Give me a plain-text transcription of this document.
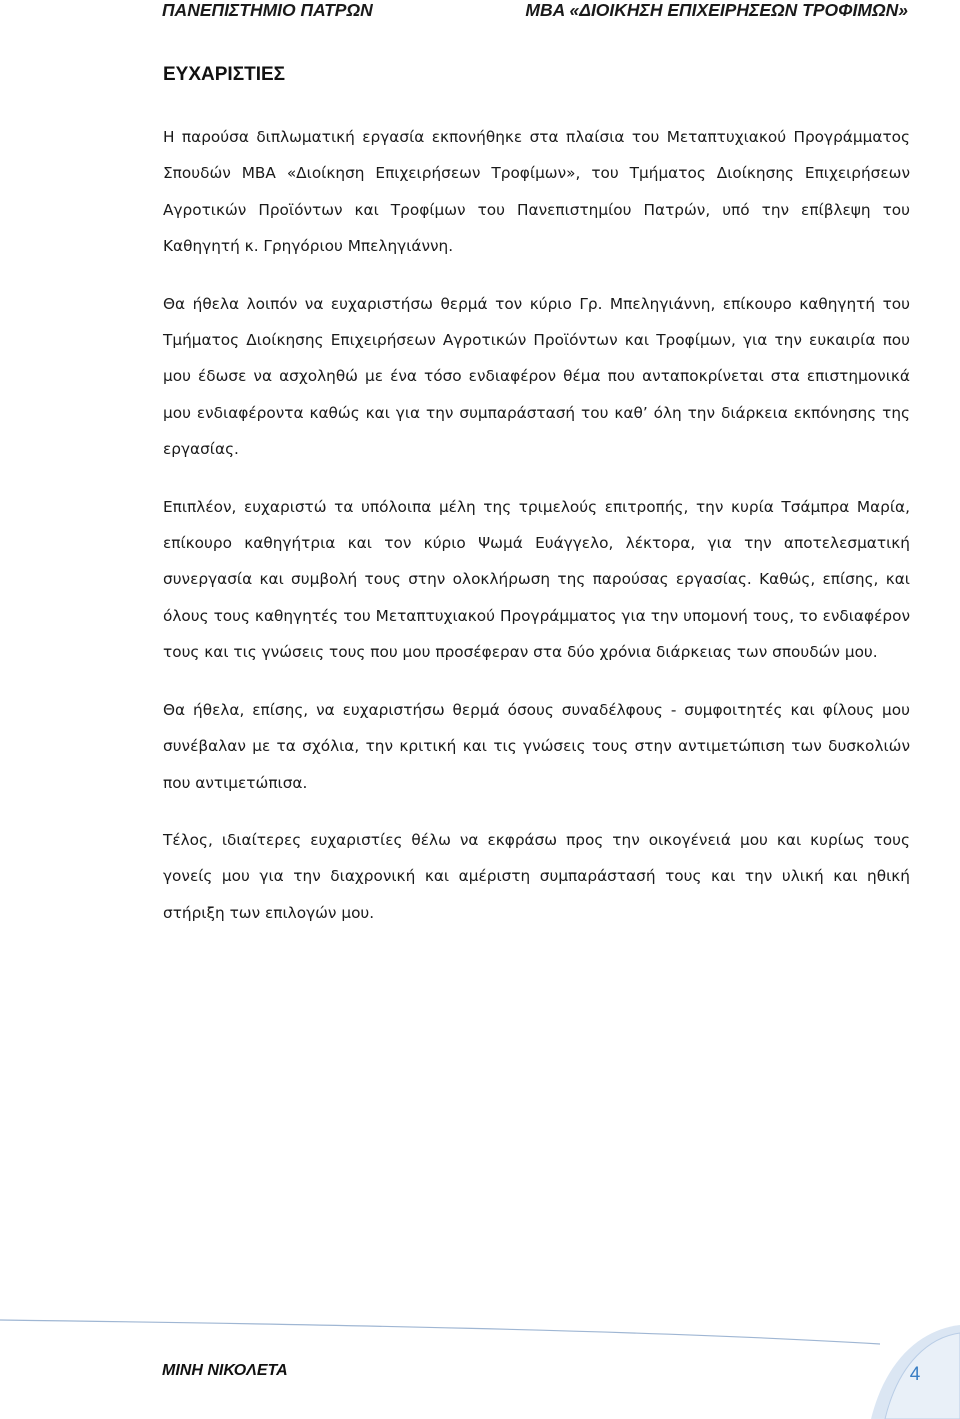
ΠΑΝΕΠΙΣΤΗΜΙΟ ΠΑΤΡΩΝ	MBA «ΔΙΟΙΚΗΣΗ ΕΠΙΧΕΙΡΗΣΕΩΝ ΤΡΟΦΙΜΩΝ»
ΕΥΧΑΡΙΣΤΙΕΣ

Η παρούσα διπλωματική εργασία εκπονήθηκε στα πλαίσια του Μεταπτυχιακού Προγράμματος Σπουδών ΜΒΑ «Διοίκηση Επιχειρήσεων Τροφίμων», του Τμήματος Διοίκησης Επιχειρήσεων Αγροτικών Προϊόντων και Τροφίμων του Πανεπιστημίου Πατρών, υπό την επίβλεψη του Καθηγητή κ. Γρηγόριου Μπεληγιάννη.

Θα ήθελα λοιπόν να ευχαριστήσω θερμά τον κύριο Γρ. Μπεληγιάννη, επίκουρο καθηγητή του Τμήματος Διοίκησης Επιχειρήσεων Αγροτικών Προϊόντων και Τροφίμων, για την ευκαιρία που μου έδωσε να ασχοληθώ με ένα τόσο ενδιαφέρον θέμα που ανταποκρίνεται στα επιστημονικά μου ενδιαφέροντα καθώς και για την συμπαράστασή του καθ’ όλη την διάρκεια εκπόνησης της εργασίας.

Επιπλέον, ευχαριστώ τα υπόλοιπα μέλη της τριμελούς επιτροπής, την κυρία Τσάμπρα Μαρία, επίκουρο καθηγήτρια και τον κύριο Ψωμά Ευάγγελο, λέκτορα, για την αποτελεσματική συνεργασία και συμβολή τους στην ολοκλήρωση της παρούσας εργασίας. Καθώς, επίσης, και όλους τους καθηγητές του Μεταπτυχιακού Προγράμματος για την υπομονή τους, το ενδιαφέρον τους και τις γνώσεις τους που μου προσέφεραν στα δύο χρόνια διάρκειας των σπουδών μου.

Θα ήθελα, επίσης, να ευχαριστήσω θερμά όσους συναδέλφους - συμφοιτητές και φίλους μου συνέβαλαν με τα σχόλια, την κριτική και τις γνώσεις τους στην αντιμετώπιση των δυσκολιών που αντιμετώπισα.

Τέλος, ιδιαίτερες ευχαριστίες θέλω να εκφράσω προς την οικογένειά μου και κυρίως τους γονείς μου για την διαχρονική και αμέριστη συμπαράστασή τους και την υλική και ηθική στήριξη των επιλογών μου.

ΜΙΝΗ ΝΙΚΟΛΕΤΑ	4
